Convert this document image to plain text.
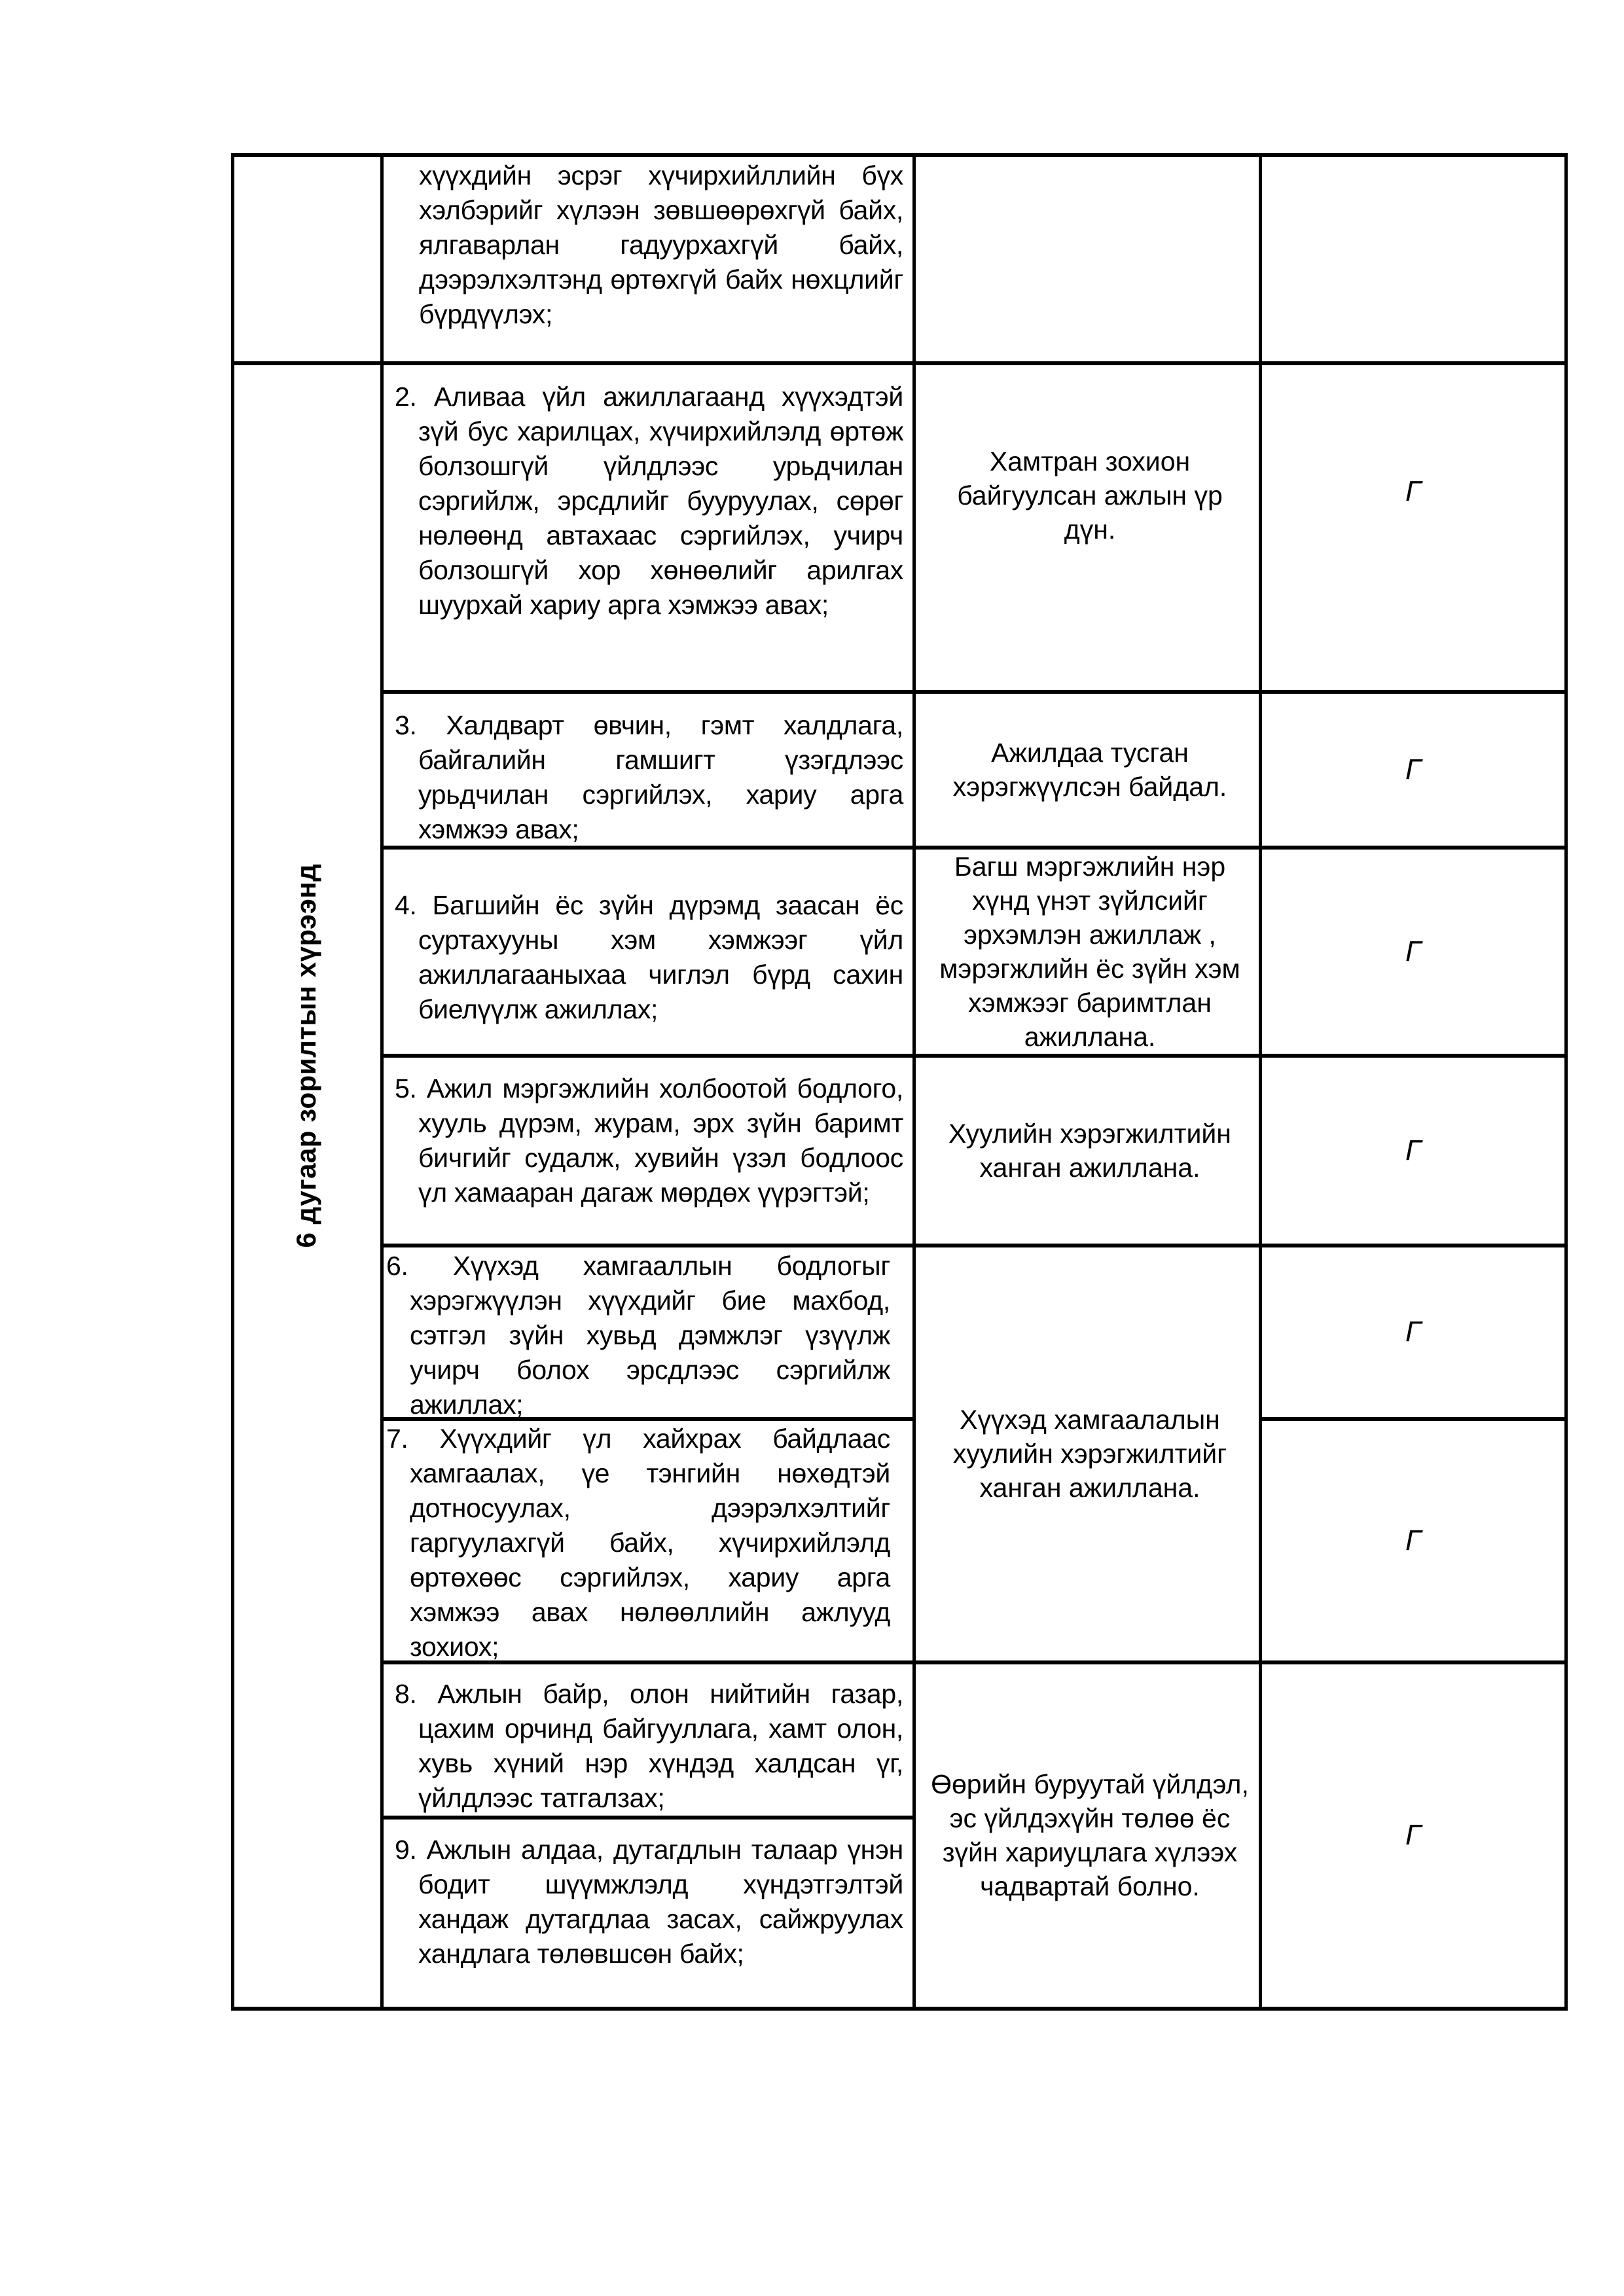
6 дугаар зорилтын хүрээнд
хүүхдийн эсрэг хүчирхийллийн бүх хэлбэрийг хүлээн зөвшөөрөхгүй байх, ялгаварлан гадуурхахгүй байх, дээрэлхэлтэнд өртөхгүй байх нөхцлийг бүрдүүлэх;
2. Аливаа үйл ажиллагаанд хүүхэдтэй зүй бус харилцах, хүчирхийлэлд өртөж болзошгүй үйлдлээс урьдчилан сэргийлж, эрсдлийг бууруулах, сөрөг нөлөөнд автахаас сэргийлэх, учирч болзошгүй хор хөнөөлийг арилгах шуурхай хариу арга хэмжээ авах;
Хамтран зохион байгуулсан ажлын үр дүн.
Г
3. Халдварт өвчин, гэмт халдлага, байгалийн гамшигт үзэгдлээс урьдчилан сэргийлэх, хариу арга хэмжээ авах;
Ажилдаа тусган хэрэгжүүлсэн байдал.
Г
4. Багшийн ёс зүйн дүрэмд заасан ёс суртахууны хэм хэмжээг үйл ажиллагааныхаа чиглэл бүрд сахин биелүүлж ажиллах;
Багш мэргэжлийн нэр хүнд үнэт зүйлсийг эрхэмлэн ажиллаж , мэрэгжлийн ёс зүйн хэм хэмжээг баримтлан ажиллана.
Г
5. Ажил мэргэжлийн холбоотой бодлого, хууль дүрэм, журам, эрх зүйн баримт бичгийг судалж, хувийн үзэл бодлоос үл хамааран дагаж мөрдөх үүрэгтэй;
Хуулийн хэрэгжилтийн ханган ажиллана.
Г
6. Хүүхэд хамгааллын бодлогыг хэрэгжүүлэн хүүхдийг бие махбод, сэтгэл зүйн хувьд дэмжлэг үзүүлж учирч болох эрсдлээс сэргийлж ажиллах;
Г
Хүүхэд хамгаалалын хуулийн хэрэгжилтийг ханган ажиллана.
7. Хүүхдийг үл хайхрах байдлаас хамгаалах, үе тэнгийн нөхөдтэй дотносуулах, дээрэлхэлтийг гаргуулахгүй байх, хүчирхийлэлд өртөхөөс сэргийлэх, хариу арга хэмжээ авах нөлөөллийн ажлууд зохиох;
Г
8. Ажлын байр, олон нийтийн газар, цахим орчинд байгууллага, хамт олон, хувь хүний нэр хүндэд халдсан үг, үйлдлээс татгалзах;
9. Ажлын алдаа, дутагдлын талаар үнэн бодит шүүмжлэлд хүндэтгэлтэй хандаж дутагдлаа засах, сайжруулах хандлага төлөвшсөн байх;
Өөрийн буруутай үйлдэл, эс үйлдэхүйн төлөө ёс зүйн хариуцлага хүлээх чадвартай болно.
Г
